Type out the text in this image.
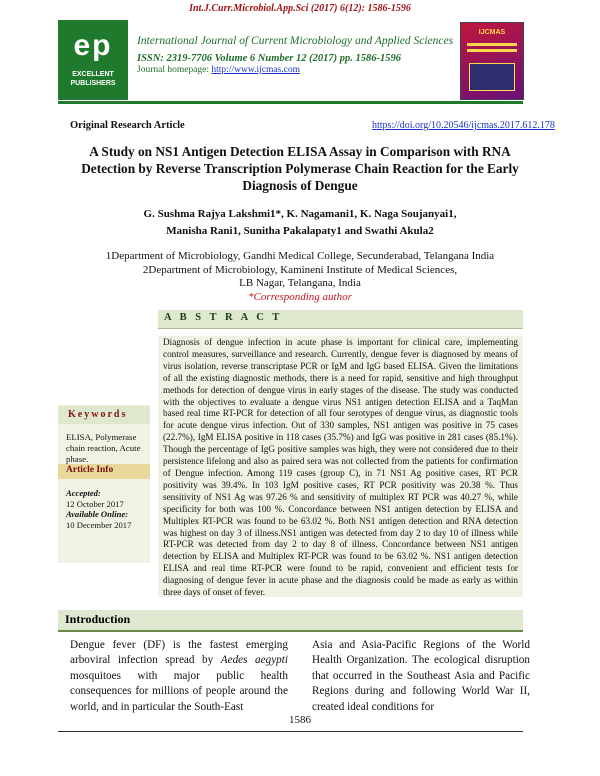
Int.J.Curr.Microbiol.App.Sci (2017) 6(12): 1586-1596
ep
EXCELLENT
PUBLISHERS
International Journal of Current Microbiology and Applied Sciences
ISSN: 2319-7706 Volume 6 Number 12 (2017) pp. 1586-1596
Journal homepage: http://www.ijcmas.com
IJCMAS
Original Research Article	https://doi.org/10.20546/ijcmas.2017.612.178
A Study on NS1 Antigen Detection ELISA Assay in Comparison with RNA Detection by Reverse Transcription Polymerase Chain Reaction for the Early Diagnosis of Dengue
G. Sushma Rajya Lakshmi1*, K. Nagamani1, K. Naga Soujanyai1,
Manisha Rani1, Sunitha Pakalapaty1 and Swathi Akula2
1Department of Microbiology, Gandhi Medical College, Secunderabad, Telangana India
2Department of Microbiology, Kamineni Institute of Medical Sciences,
LB Nagar, Telangana, India
*Corresponding author
A B S T R A C T
Diagnosis of dengue infection in acute phase is important for clinical care, implementing control measures, surveillance and research. Currently, dengue fever is diagnosed by means of virus isolation, reverse transcriptase PCR or IgM and IgG based ELISA. Given the limitations of all the existing diagnostic methods, there is a need for rapid, sensitive and high throughput methods for detection of dengue virus in early stages of the disease. The study was conducted with the objectives to evaluate a dengue virus NS1 antigen detection ELISA and a TaqMan based real time RT-PCR for detection of all four serotypes of dengue virus, as diagnostic tools for acute dengue virus infection. Out of 330 samples, NS1 antigen was positive in 75 cases (22.7%), IgM ELISA positive in 118 cases (35.7%) and IgG was positive in 281 cases (85.1%). Though the percentage of IgG positive samples was high, they were not considered due to their persistence lifelong and also as paired sera was not collected from the patients for confirmation of Dengue infection. Among 119 cases (group C), in 71 NS1 Ag positive cases, RT PCR positivity was 39.4%. In 103 IgM positive cases, RT PCR positivity was 20.38 %. Thus sensitivity of NS1 Ag was 97.26 % and sensitivity of multiplex RT PCR was 40.27 %, while specificity for both was 100 %. Concordance between NS1 antigen detection by ELISA and Multiplex RT-PCR was found to be 63.02 %. Both NS1 antigen detection and RNA detection was highest on day 3 of illness.NS1 antigen was detected from day 2 to day 10 of illness while RT-PCR was detected from day 2 to day 8 of illness. Concordance between NS1 antigen detection by ELISA and Multiplex RT-PCR was found to be 63.02 %. NS1 antigen detection ELISA and real time RT-PCR were found to be rapid, convenient and efficient tests for diagnosing of dengue fever in acute phase and the diagnosis could be made as early as within three days of onset of fever.
Keywords
ELISA, Polymerase chain reaction, Acute phase.
Article Info
Accepted:
12 October 2017
Available Online:
10 December 2017
Introduction
Dengue fever (DF) is the fastest emerging arboviral infection spread by Aedes aegypti mosquitoes with major public health consequences for millions of people around the world, and in particular the South-East
Asia and Asia-Pacific Regions of the World Health Organization. The ecological disruption that occurred in the Southeast Asia and Pacific Regions during and following World War II, created ideal conditions for
1586
